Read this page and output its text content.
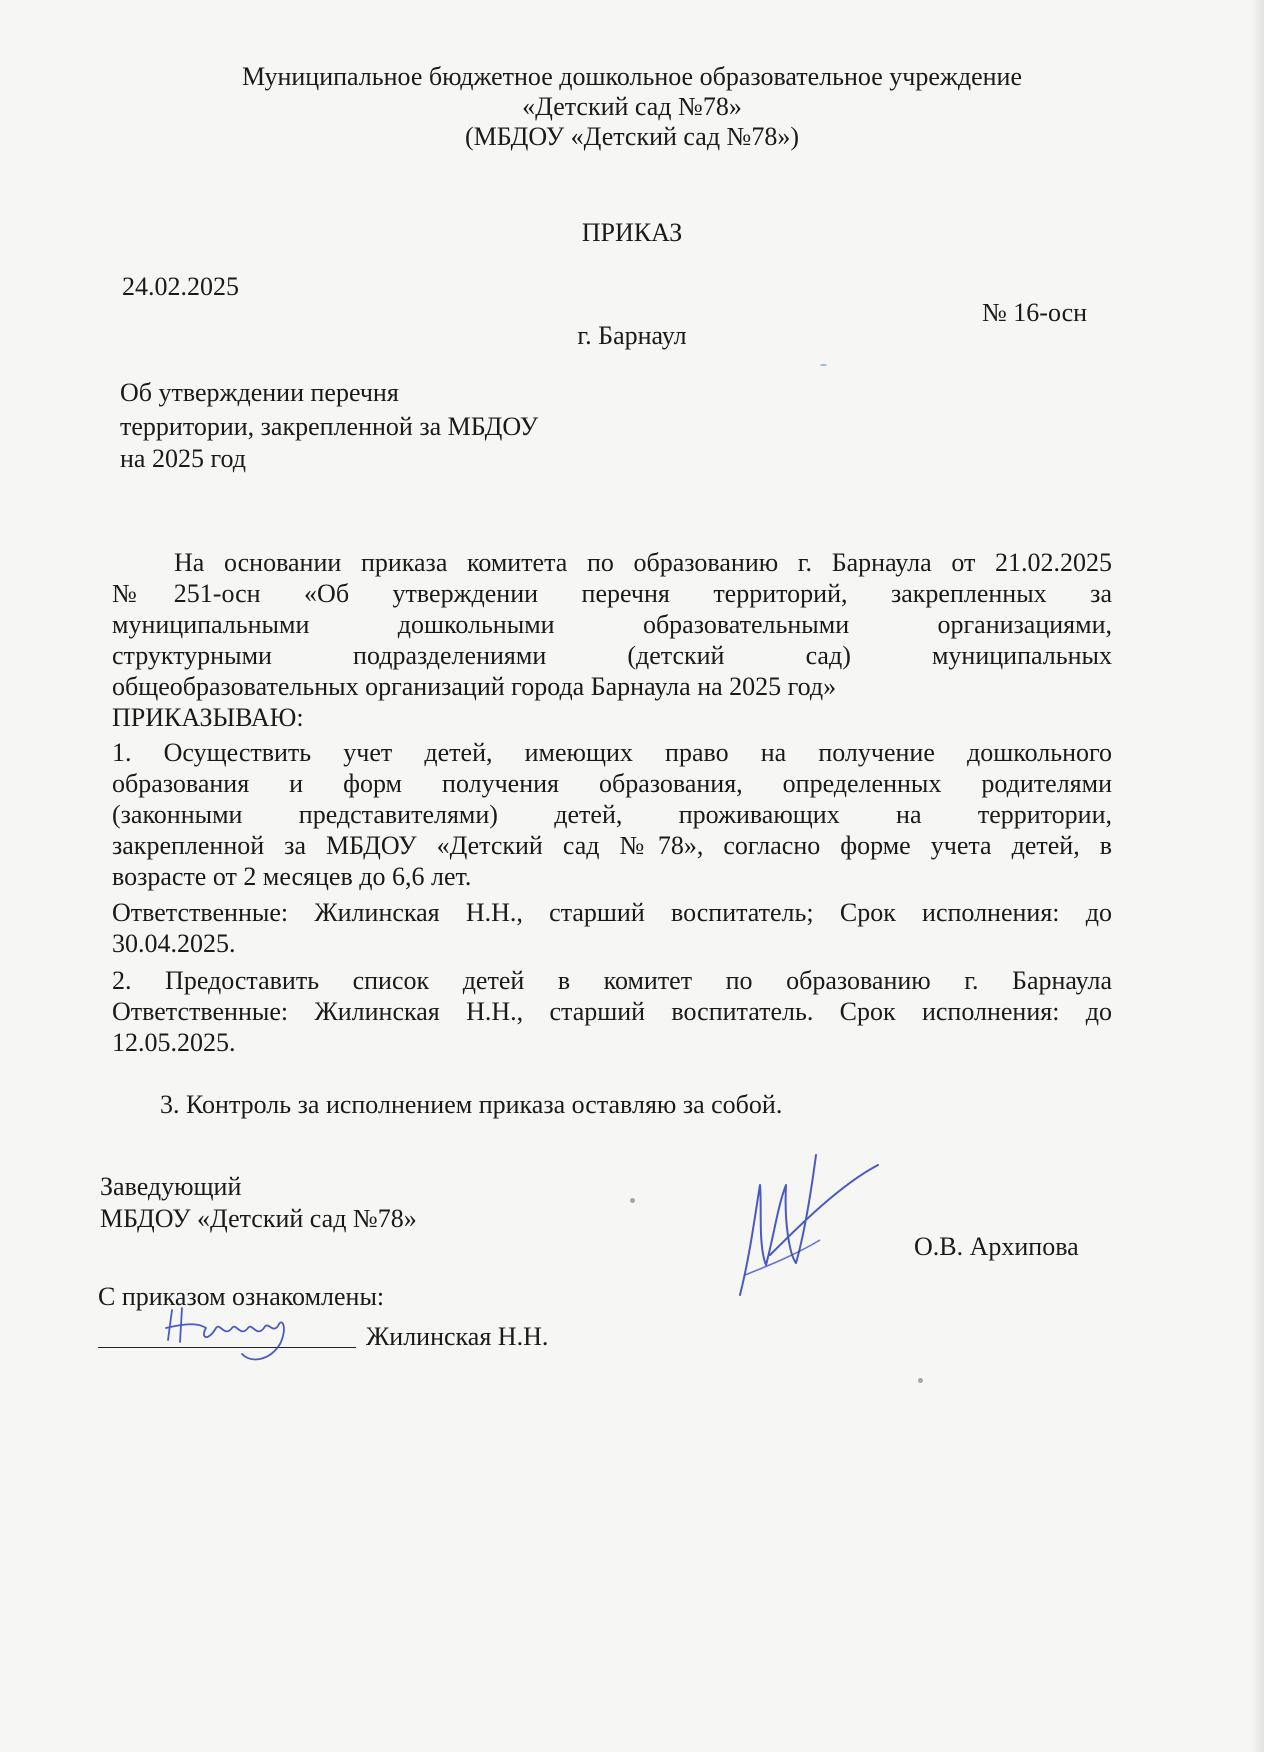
Муниципальное бюджетное дошкольное образовательное учреждение
«Детский сад №78»
(МБДОУ «Детский сад №78»)
ПРИКАЗ
24.02.2025
№ 16-осн
г. Барнаул
Об утверждении перечня
территории, закрепленной за МБДОУ
на 2025 год
На основании приказа комитета по образованию г. Барнаула от 21.02.2025
№251-осн «Об утверждении перечня территорий, закрепленных за
муниципальными дошкольными образовательными организациями,
структурными подразделениями (детский сад) муниципальных
общеобразовательных организаций города Барнаула на 2025 год»
ПРИКАЗЫВАЮ:
1. Осуществить учет детей, имеющих право на получение дошкольного
образования и форм получения образования, определенных родителями
(законными представителями) детей, проживающих на территории,
закрепленной за МБДОУ «Детский сад №78», согласно форме учета детей, в
возрасте от 2 месяцев до 6,6 лет.
Ответственные: Жилинская Н.Н., старший воспитатель; Срок исполнения: до
30.04.2025.
2. Предоставить список детей в комитет по образованию г. Барнаула
Ответственные: Жилинская Н.Н., старший воспитатель. Срок исполнения: до
12.05.2025.
3. Контроль за исполнением приказа оставляю за собой.
Заведующий
МБДОУ «Детский сад №78»
О.В. Архипова
С приказом ознакомлены:
Жилинская Н.Н.
